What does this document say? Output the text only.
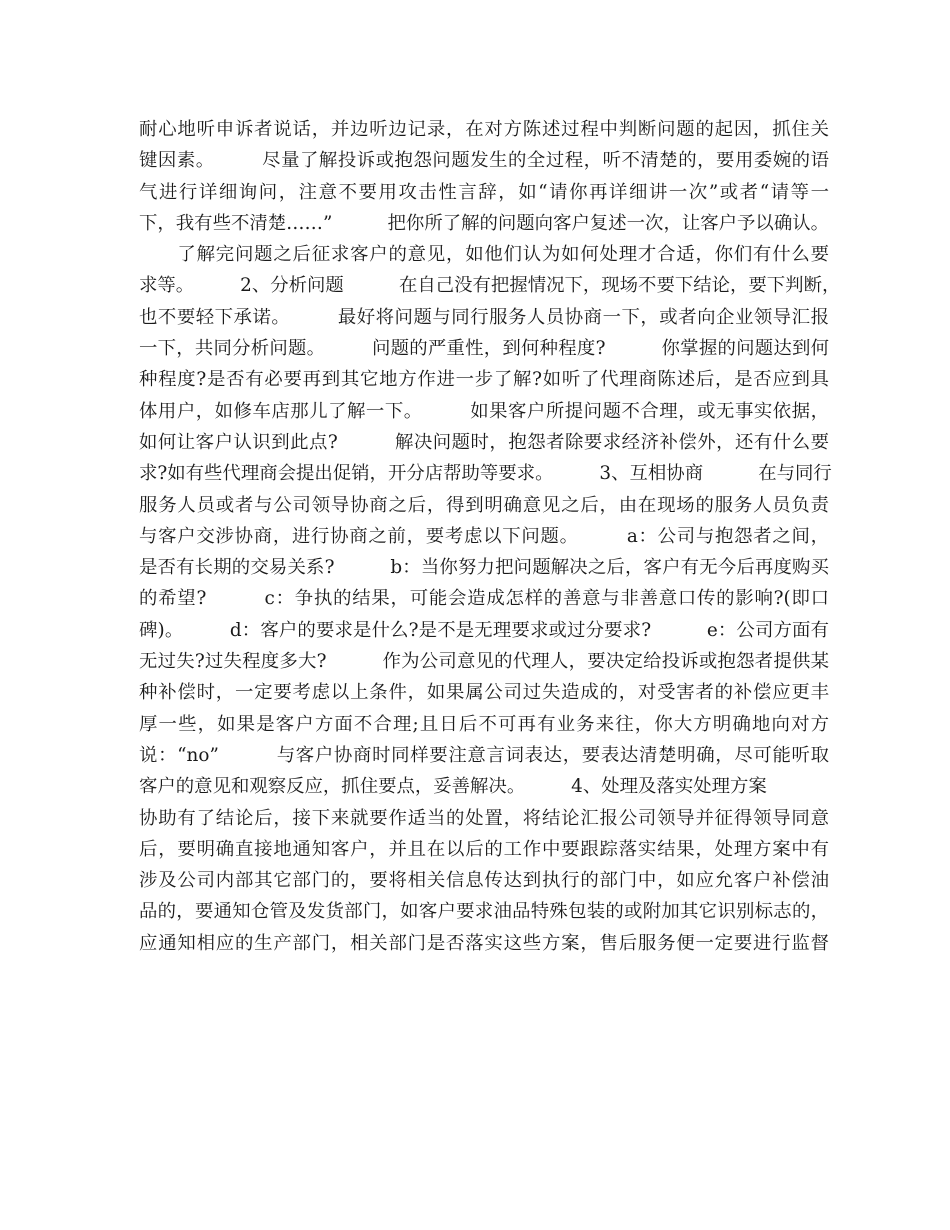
耐心地听申诉者说话，并边听边记录，在对方陈述过程中判断问题的起因，抓住关
键因素。　　　尽量了解投诉或抱怨问题发生的全过程，听不清楚的，要用委婉的语
气进行详细询问，注意不要用攻击性言辞，如“请你再详细讲一次”或者“请等一
下，我有些不清楚……”　　　把你所了解的问题向客户复述一次，让客户予以确认。
　　了解完问题之后征求客户的意见，如他们认为如何处理才合适，你们有什么要
求等。　　　2、分析问题　　　在自己没有把握情况下，现场不要下结论，要下判断，
也不要轻下承诺。　　　最好将问题与同行服务人员协商一下，或者向企业领导汇报
一下，共同分析问题。　　　问题的严重性，到何种程度?　　　你掌握的问题达到何
种程度?是否有必要再到其它地方作进一步了解?如听了代理商陈述后，是否应到具
体用户，如修车店那儿了解一下。　　　如果客户所提问题不合理，或无事实依据，
如何让客户认识到此点?　　　解决问题时，抱怨者除要求经济补偿外，还有什么要
求?如有些代理商会提出促销，开分店帮助等要求。　　　3、互相协商　　　在与同行
服务人员或者与公司领导协商之后，得到明确意见之后，由在现场的服务人员负责
与客户交涉协商，进行协商之前，要考虑以下问题。　　　a：公司与抱怨者之间，
是否有长期的交易关系?　　　b：当你努力把问题解决之后，客户有无今后再度购买
的希望?　　　c：争执的结果，可能会造成怎样的善意与非善意口传的影响?(即口
碑)。　　　d：客户的要求是什么?是不是无理要求或过分要求?　　　e：公司方面有
无过失?过失程度多大?　　　作为公司意见的代理人，要决定给投诉或抱怨者提供某
种补偿时，一定要考虑以上条件，如果属公司过失造成的，对受害者的补偿应更丰
厚一些，如果是客户方面不合理;且日后不可再有业务来往，你大方明确地向对方
说：“no”　　　与客户协商时同样要注意言词表达，要表达清楚明确，尽可能听取
客户的意见和观察反应，抓住要点，妥善解决。　　　4、处理及落实处理方案
协助有了结论后，接下来就要作适当的处置，将结论汇报公司领导并征得领导同意
后，要明确直接地通知客户，并且在以后的工作中要跟踪落实结果，处理方案中有
涉及公司内部其它部门的，要将相关信息传达到执行的部门中，如应允客户补偿油
品的，要通知仓管及发货部门，如客户要求油品特殊包装的或附加其它识别标志的，
应通知相应的生产部门，相关部门是否落实这些方案，售后服务便一定要进行监督
